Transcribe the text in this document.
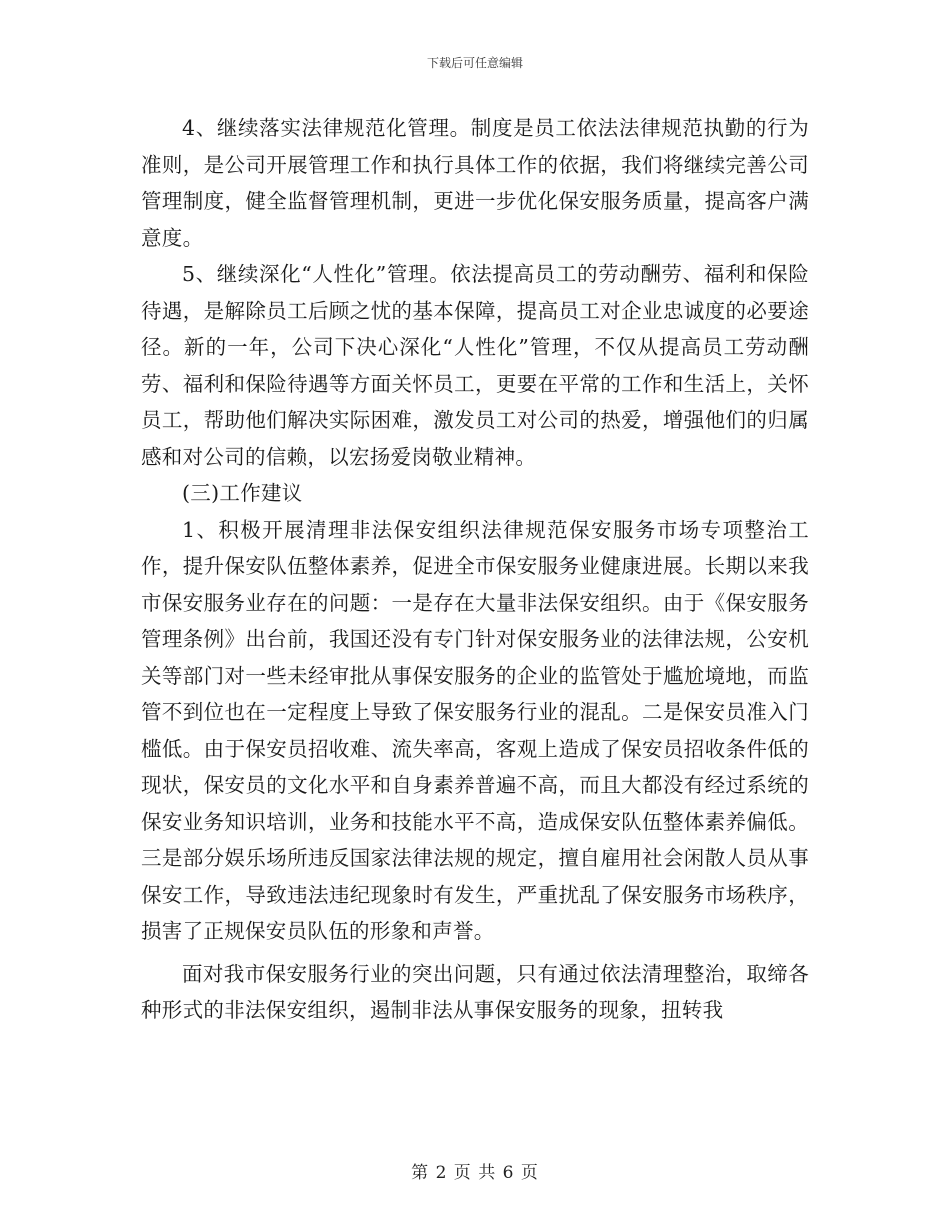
下载后可任意编辑

4、继续落实法律规范化管理。制度是员工依法法律规范执勤的行为准则，是公司开展管理工作和执行具体工作的依据，我们将继续完善公司管理制度，健全监督管理机制，更进一步优化保安服务质量，提高客户满意度。

5、继续深化“人性化”管理。依法提高员工的劳动酬劳、福利和保险待遇，是解除员工后顾之忧的基本保障，提高员工对企业忠诚度的必要途径。新的一年，公司下决心深化“人性化”管理，不仅从提高员工劳动酬劳、福利和保险待遇等方面关怀员工，更要在平常的工作和生活上，关怀员工，帮助他们解决实际困难，激发员工对公司的热爱，增强他们的归属感和对公司的信赖，以宏扬爱岗敬业精神。

(三)工作建议

1、积极开展清理非法保安组织法律规范保安服务市场专项整治工作，提升保安队伍整体素养，促进全市保安服务业健康进展。长期以来我市保安服务业存在的问题：一是存在大量非法保安组织。由于《保安服务管理条例》出台前，我国还没有专门针对保安服务业的法律法规，公安机关等部门对一些未经审批从事保安服务的企业的监管处于尴尬境地，而监管不到位也在一定程度上导致了保安服务行业的混乱。二是保安员准入门槛低。由于保安员招收难、流失率高，客观上造成了保安员招收条件低的现状，保安员的文化水平和自身素养普遍不高，而且大都没有经过系统的保安业务知识培训，业务和技能水平不高，造成保安队伍整体素养偏低。三是部分娱乐场所违反国家法律法规的规定，擅自雇用社会闲散人员从事保安工作，导致违法违纪现象时有发生，严重扰乱了保安服务市场秩序，损害了正规保安员队伍的形象和声誉。

面对我市保安服务行业的突出问题，只有通过依法清理整治，取缔各种形式的非法保安组织，遏制非法从事保安服务的现象，扭转我

第 2 页 共 6 页
